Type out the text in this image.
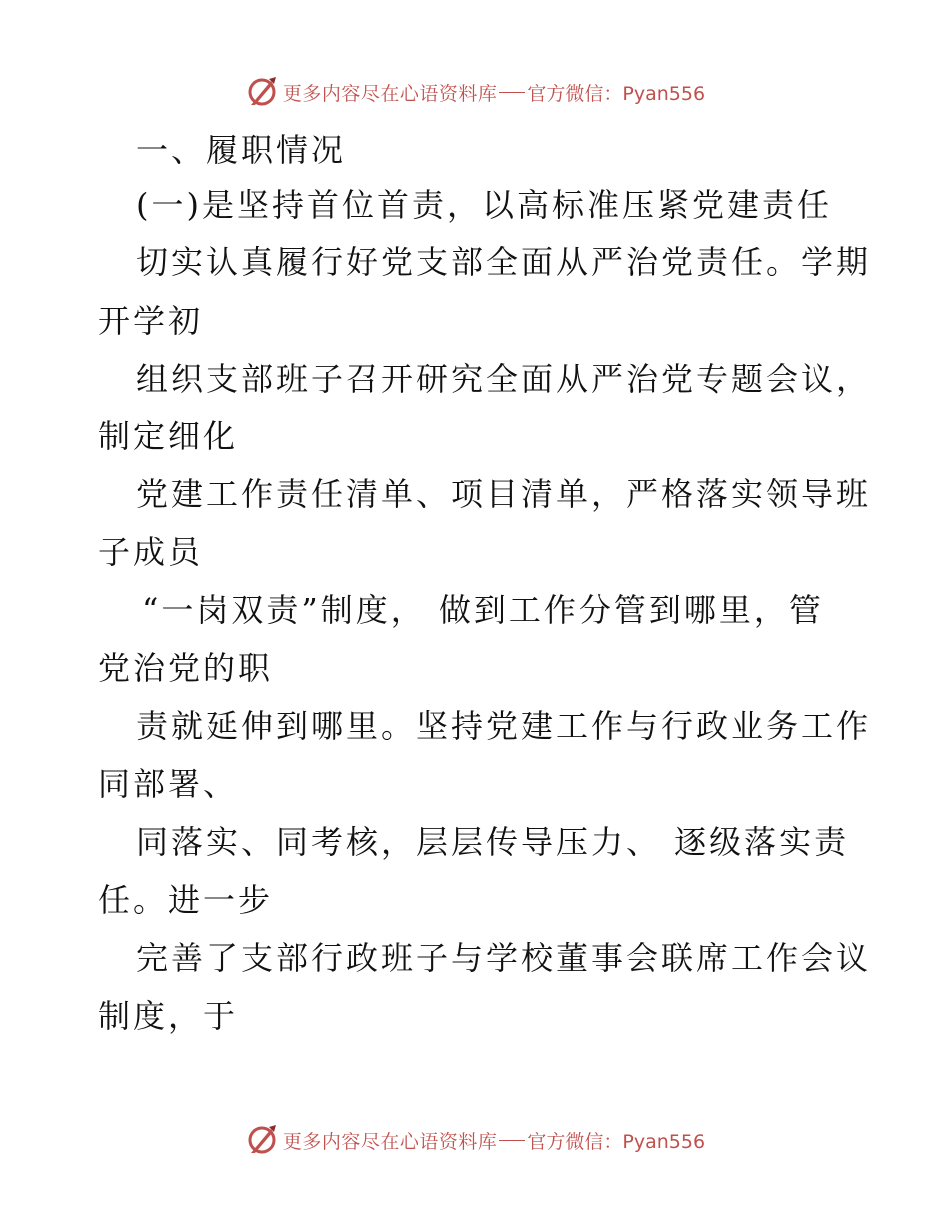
更多内容尽在心语资料库 官方微信：Pyan556
一、履职情况
(一)是坚持首位首责，以高标准压紧党建责任
切实认真履行好党支部全面从严治党责任。学期
开学初
组织支部班子召开研究全面从严治党专题会议，
制定细化
党建工作责任清单、项目清单，严格落实领导班
子成员
“一岗双责”制度， 做到工作分管到哪里，管
党治党的职
责就延伸到哪里。坚持党建工作与行政业务工作
同部署、
同落实、同考核，层层传导压力、 逐级落实责
任。进一步
完善了支部行政班子与学校董事会联席工作会议
制度，于
更多内容尽在心语资料库 官方微信：Pyan556
